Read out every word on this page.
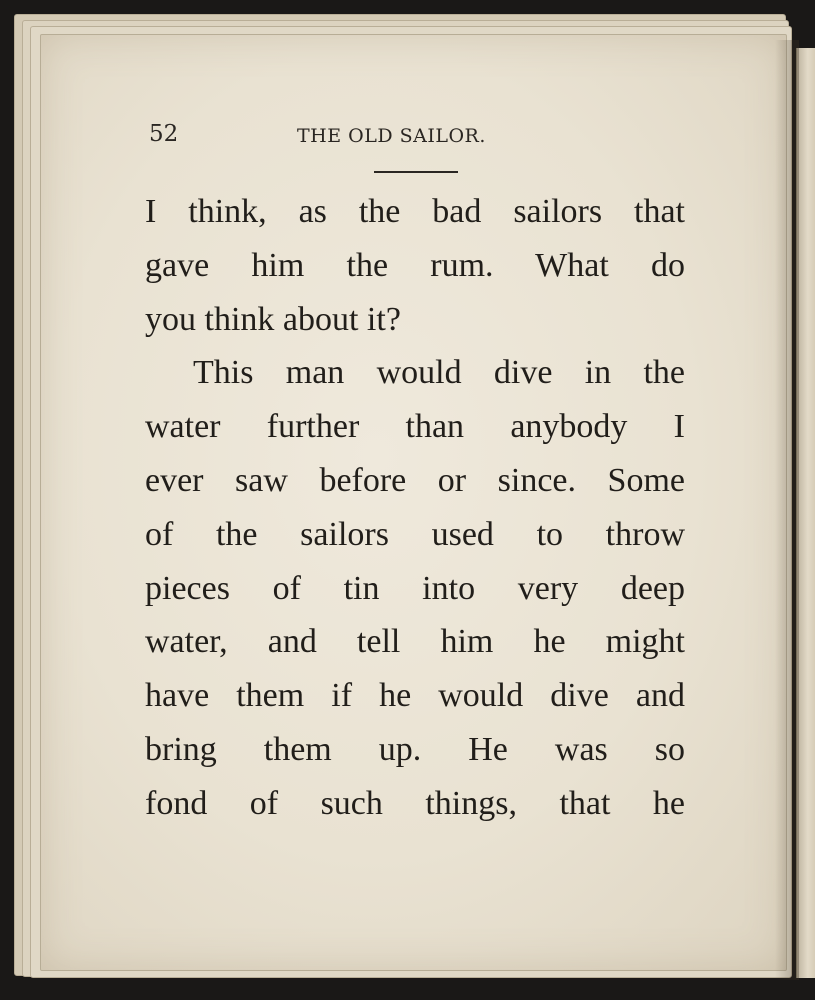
52	THE OLD SAILOR.
I think, as the bad sailors that
gave him the rum. What do
you think about it?
This man would dive in the
water further than anybody I
ever saw before or since. Some
of the sailors used to throw
pieces of tin into very deep
water, and tell him he might
have them if he would dive and
bring them up. He was so
fond of such things, that he
